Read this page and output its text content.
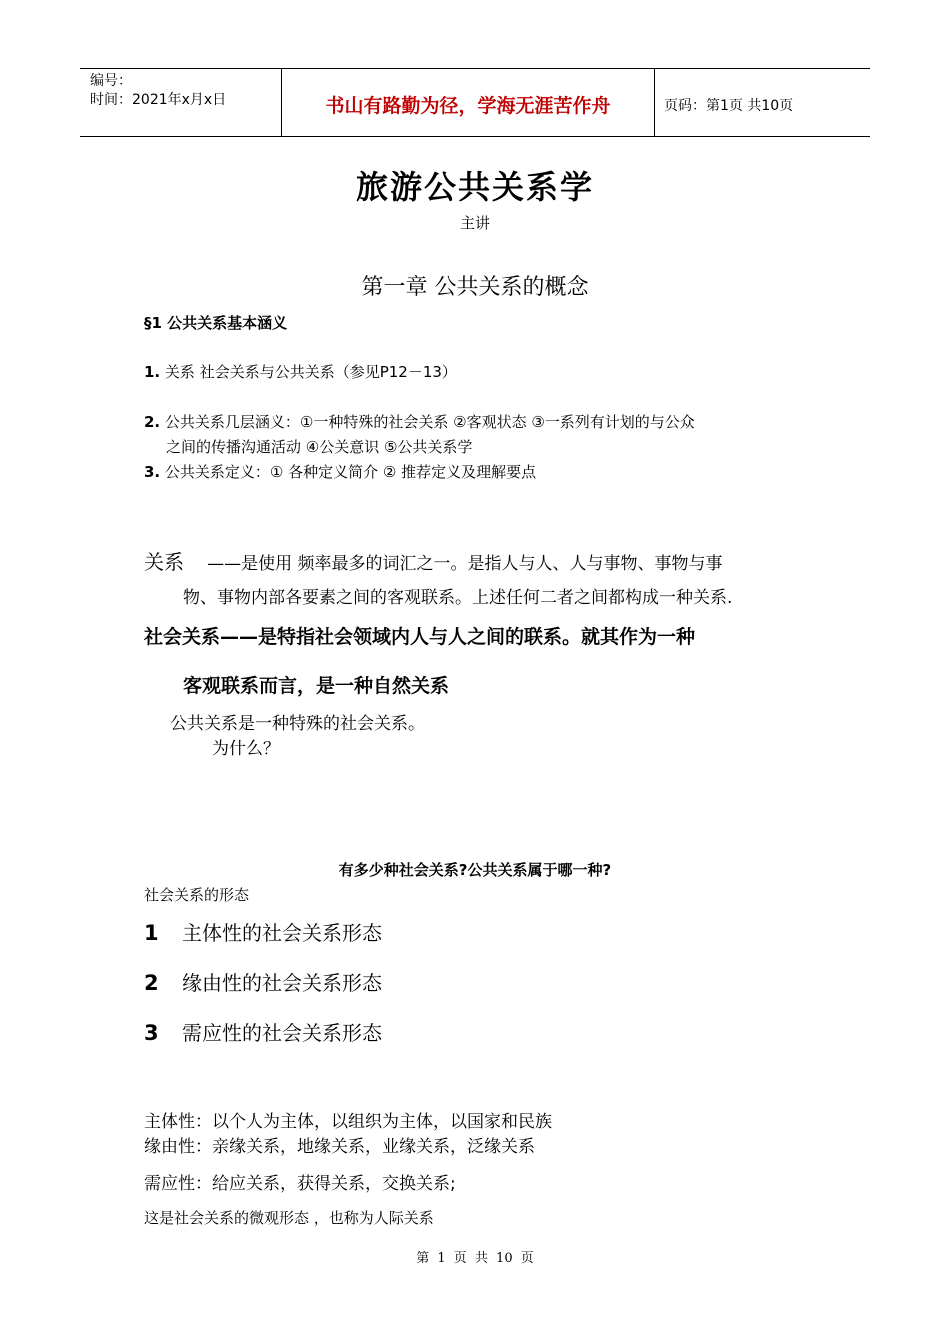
编号：
时间：2021年x月x日	书山有路勤为径，学海无涯苦作舟	页码：第1页 共10页
旅游公共关系学
主讲
第一章 公共关系的概念
§1 公共关系基本涵义
1. 关系 社会关系与公共关系（参见P12－13）
2. 公共关系几层涵义：①一种特殊的社会关系 ②客观状态 ③一系列有计划的与公众
之间的传播沟通活动 ④公关意识 ⑤公共关系学
3. 公共关系定义：① 各种定义简介 ② 推荐定义及理解要点
关系 ——是使用 频率最多的词汇之一。是指人与人、人与事物、事物与事
物、事物内部各要素之间的客观联系。上述任何二者之间都构成一种关系.
社会关系——是特指社会领域内人与人之间的联系。就其作为一种
客观联系而言，是一种自然关系
公共关系是一种特殊的社会关系。
为什么？
有多少种社会关系?公共关系属于哪一种?
社会关系的形态
1 主体性的社会关系形态
2 缘由性的社会关系形态
3 需应性的社会关系形态
主体性：以个人为主体，以组织为主体，以国家和民族
缘由性：亲缘关系，地缘关系，业缘关系，泛缘关系
需应性：给应关系，获得关系，交换关系;
这是社会关系的微观形态 ，也称为人际关系
第 1 页 共 10 页
